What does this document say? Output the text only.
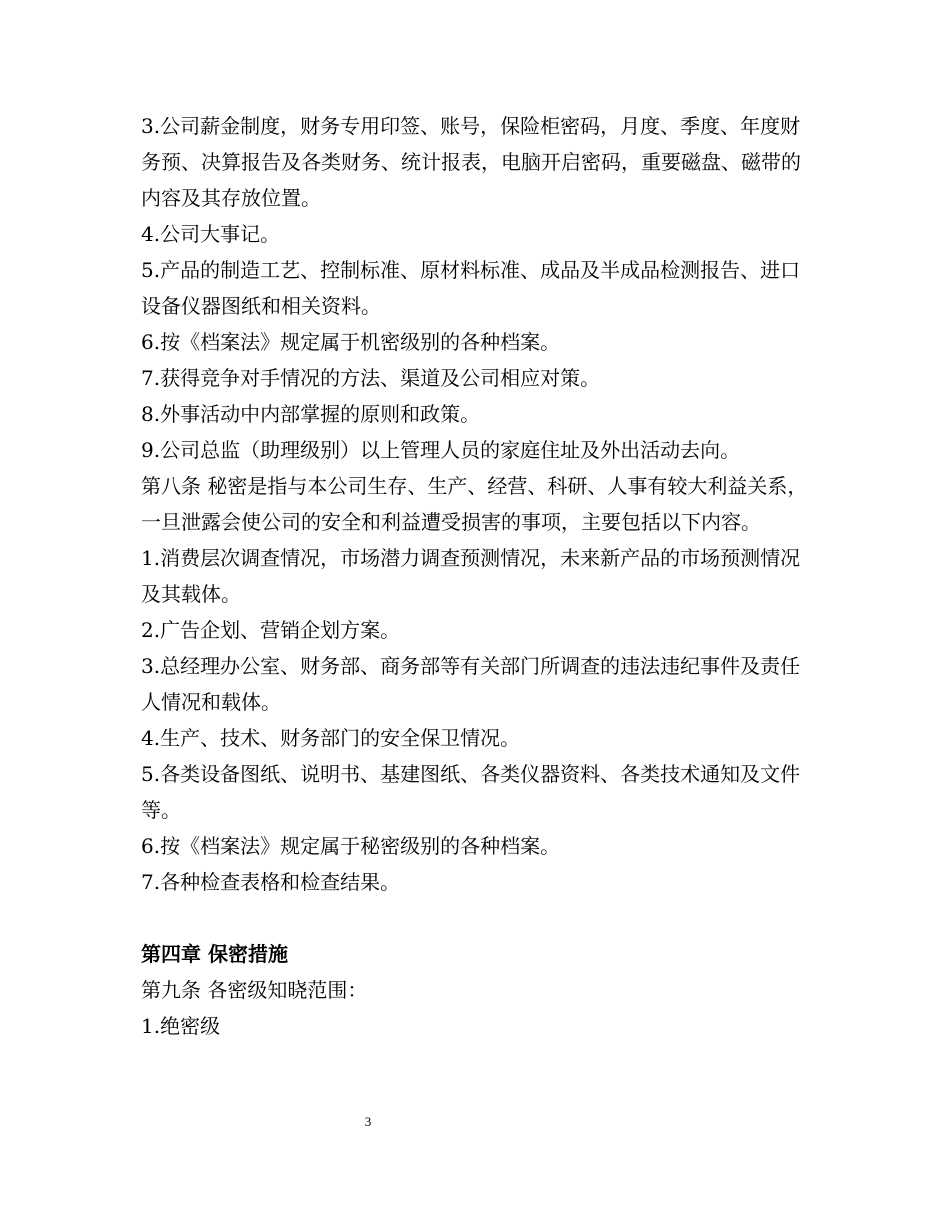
3.公司薪金制度，财务专用印签、账号，保险柜密码，月度、季度、年度财务预、决算报告及各类财务、统计报表，电脑开启密码，重要磁盘、磁带的内容及其存放位置。

4.公司大事记。

5.产品的制造工艺、控制标准、原材料标准、成品及半成品检测报告、进口设备仪器图纸和相关资料。

6.按《档案法》规定属于机密级别的各种档案。

7.获得竞争对手情况的方法、渠道及公司相应对策。

8.外事活动中内部掌握的原则和政策。

9.公司总监（助理级别）以上管理人员的家庭住址及外出活动去向。

第八条 秘密是指与本公司生存、生产、经营、科研、人事有较大利益关系，一旦泄露会使公司的安全和利益遭受损害的事项，主要包括以下内容。

1.消费层次调查情况，市场潜力调查预测情况，未来新产品的市场预测情况及其载体。

2.广告企划、营销企划方案。

3.总经理办公室、财务部、商务部等有关部门所调查的违法违纪事件及责任人情况和载体。

4.生产、技术、财务部门的安全保卫情况。

5.各类设备图纸、说明书、基建图纸、各类仪器资料、各类技术通知及文件等。

6.按《档案法》规定属于秘密级别的各种档案。

7.各种检查表格和检查结果。

第四章 保密措施

第九条 各密级知晓范围：

1.绝密级

3
